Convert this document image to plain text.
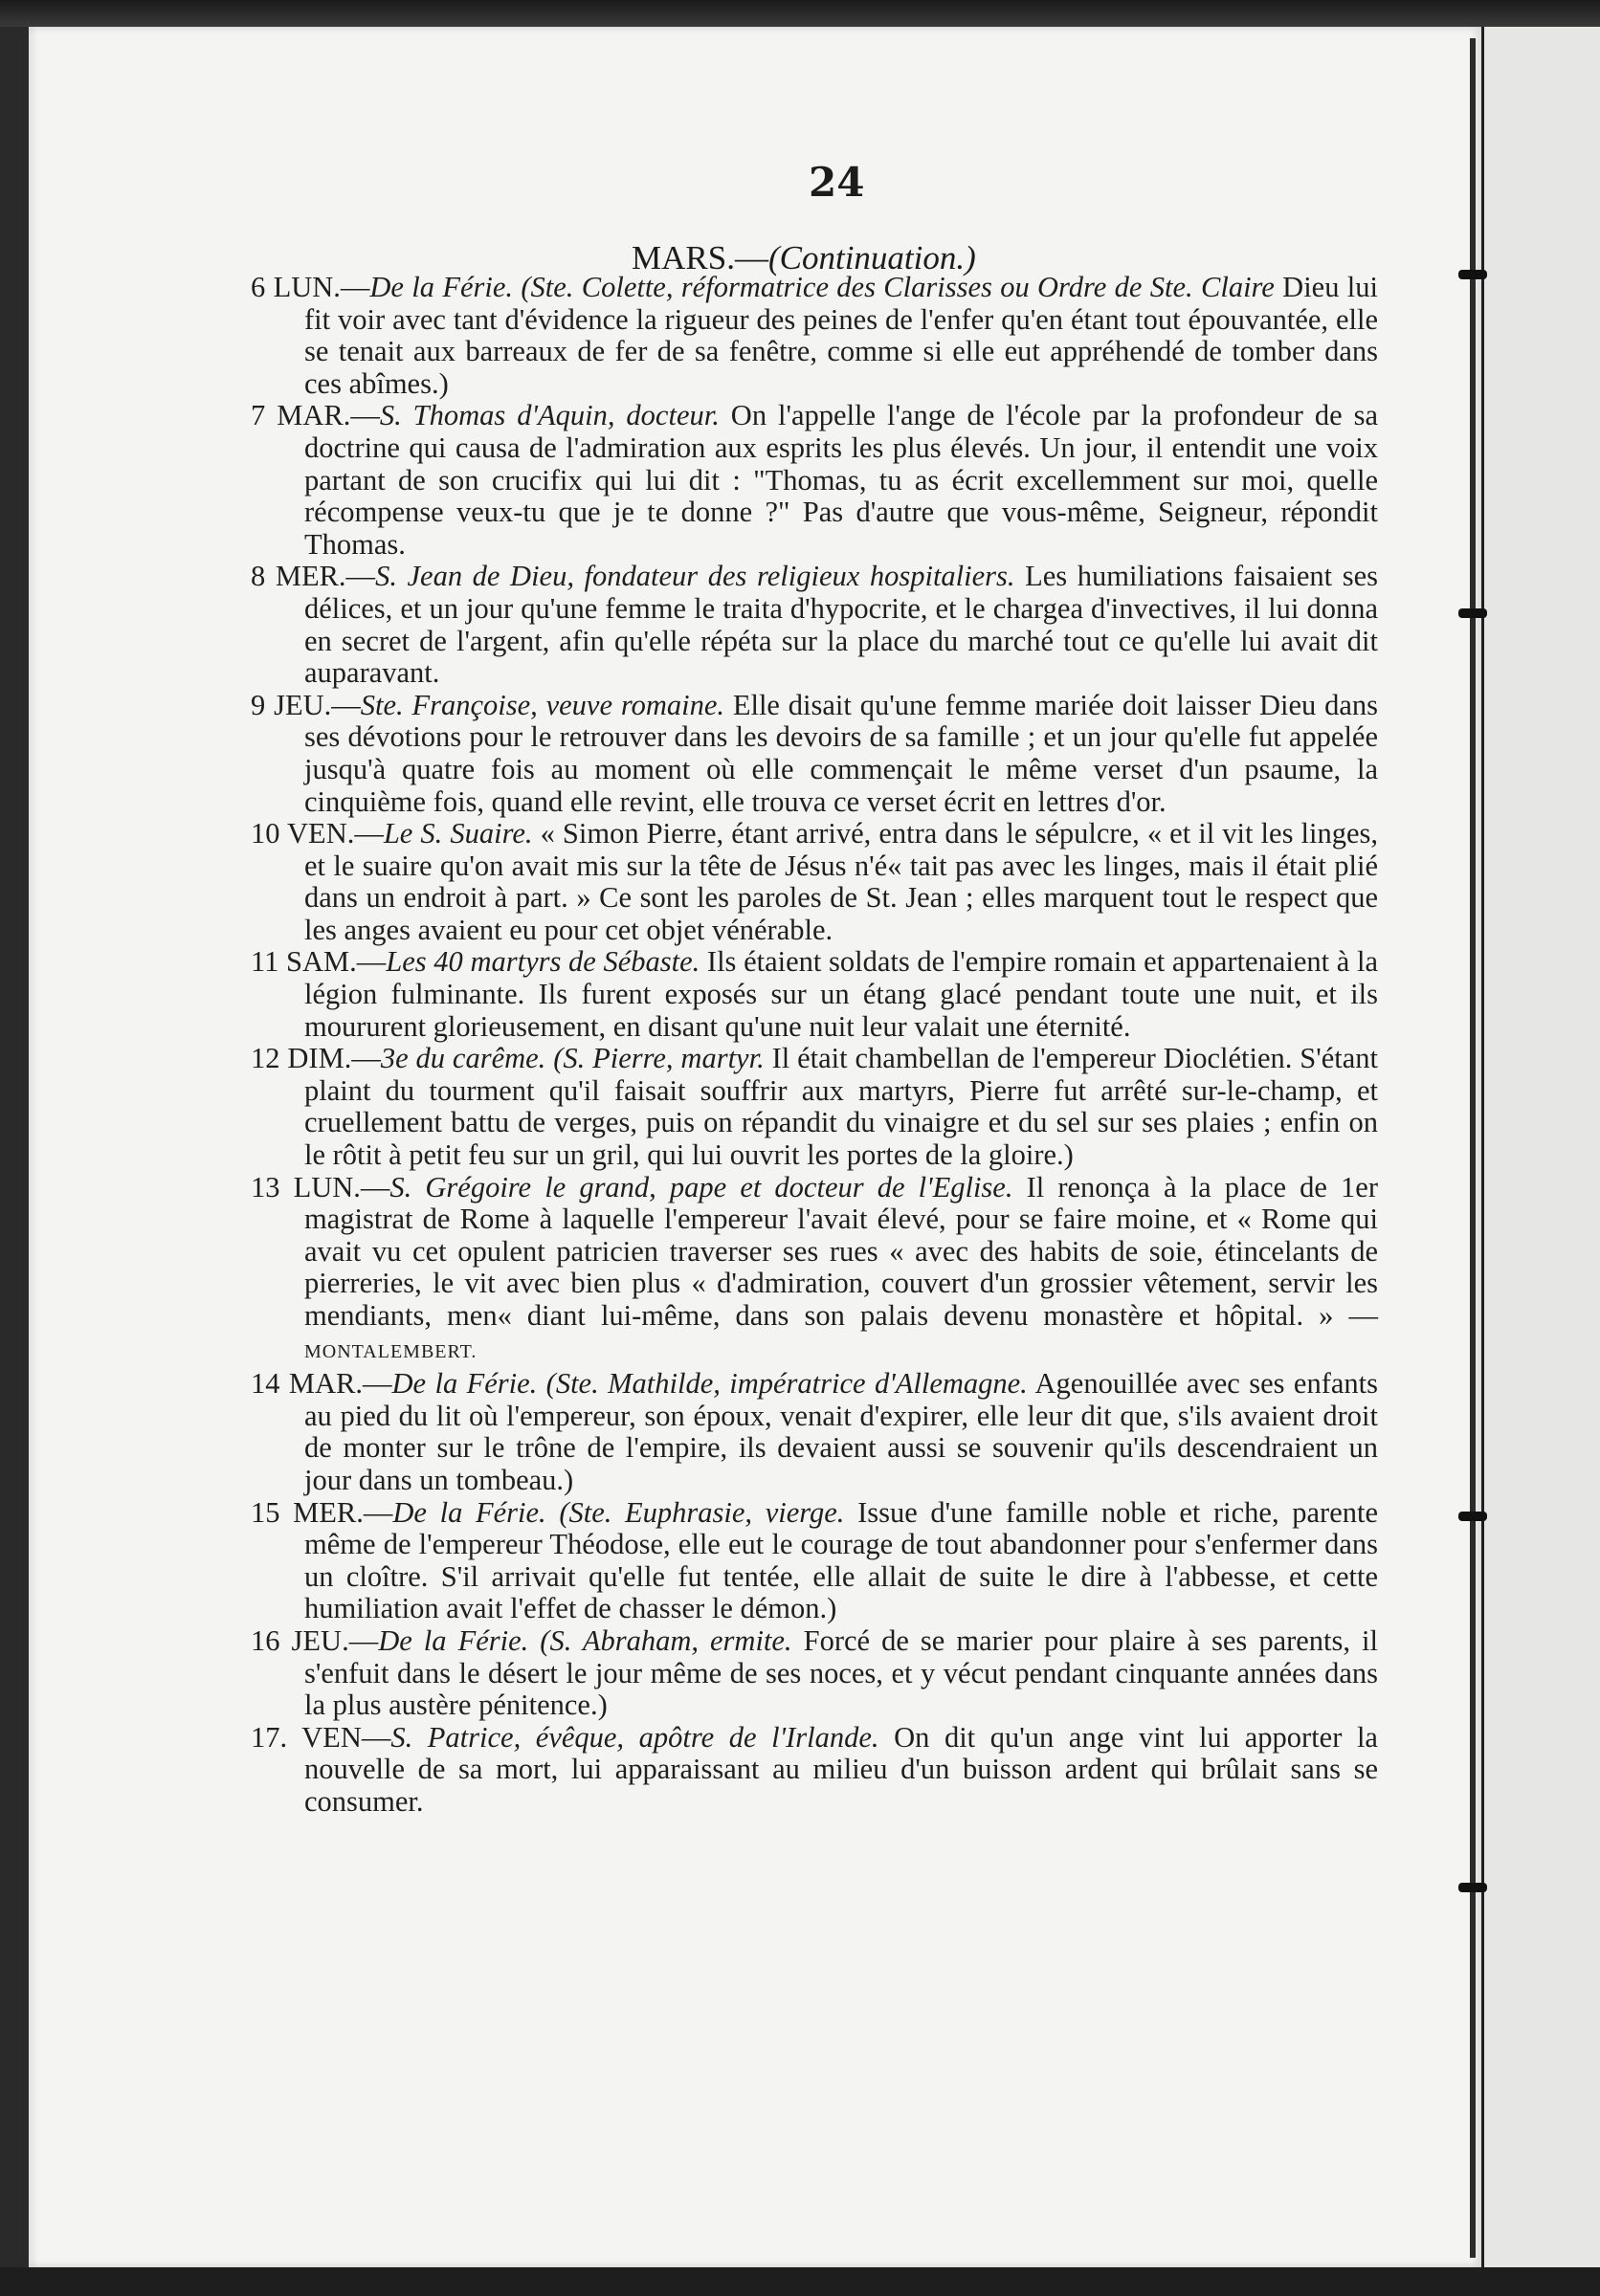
24
MARS.—(Continuation.)
6 LUN.—De la Férie. (Ste. Colette, réformatrice des Clarisses ou Ordre de Ste. Claire Dieu lui fit voir avec tant d'évidence la rigueur des peines de l'enfer qu'en étant tout épouvantée, elle se tenait aux barreaux de fer de sa fenêtre, comme si elle eut appréhendé de tomber dans ces abîmes.)
7 MAR.—S. Thomas d'Aquin, docteur. On l'appelle l'ange de l'école par la profondeur de sa doctrine qui causa de l'admiration aux esprits les plus élevés. Un jour, il entendit une voix partant de son crucifix qui lui dit : "Thomas, tu as écrit excellemment sur moi, quelle récompense veux-tu que je te donne ?" Pas d'autre que vous-même, Seigneur, répondit Thomas.
8 MER.—S. Jean de Dieu, fondateur des religieux hospitaliers. Les humiliations faisaient ses délices, et un jour qu'une femme le traita d'hypocrite, et le chargea d'invectives, il lui donna en secret de l'argent, afin qu'elle répéta sur la place du marché tout ce qu'elle lui avait dit auparavant.
9 JEU.—Ste. Françoise, veuve romaine. Elle disait qu'une femme mariée doit laisser Dieu dans ses dévotions pour le retrouver dans les devoirs de sa famille ; et un jour qu'elle fut appelée jusqu'à quatre fois au moment où elle commençait le même verset d'un psaume, la cinquième fois, quand elle revint, elle trouva ce verset écrit en lettres d'or.
10 VEN.—Le S. Suaire. « Simon Pierre, étant arrivé, entra dans le sépulcre, « et il vit les linges, et le suaire qu'on avait mis sur la tête de Jésus n'é« tait pas avec les linges, mais il était plié dans un endroit à part. » Ce sont les paroles de St. Jean ; elles marquent tout le respect que les anges avaient eu pour cet objet vénérable.
11 SAM.—Les 40 martyrs de Sébaste. Ils étaient soldats de l'empire romain et appartenaient à la légion fulminante. Ils furent exposés sur un étang glacé pendant toute une nuit, et ils moururent glorieusement, en disant qu'une nuit leur valait une éternité.
12 DIM.—3e du carême. (S. Pierre, martyr. Il était chambellan de l'empereur Dioclétien. S'étant plaint du tourment qu'il faisait souffrir aux martyrs, Pierre fut arrêté sur-le-champ, et cruellement battu de verges, puis on répandit du vinaigre et du sel sur ses plaies ; enfin on le rôtit à petit feu sur un gril, qui lui ouvrit les portes de la gloire.)
13 LUN.—S. Grégoire le grand, pape et docteur de l'Eglise. Il renonça à la place de 1er magistrat de Rome à laquelle l'empereur l'avait élevé, pour se faire moine, et « Rome qui avait vu cet opulent patricien traverser ses rues « avec des habits de soie, étincelants de pierreries, le vit avec bien plus « d'admiration, couvert d'un grossier vêtement, servir les mendiants, men« diant lui-même, dans son palais devenu monastère et hôpital. » —MONTALEMBERT.
14 MAR.—De la Férie. (Ste. Mathilde, impératrice d'Allemagne. Agenouillée avec ses enfants au pied du lit où l'empereur, son époux, venait d'expirer, elle leur dit que, s'ils avaient droit de monter sur le trône de l'empire, ils devaient aussi se souvenir qu'ils descendraient un jour dans un tombeau.)
15 MER.—De la Férie. (Ste. Euphrasie, vierge. Issue d'une famille noble et riche, parente même de l'empereur Théodose, elle eut le courage de tout abandonner pour s'enfermer dans un cloître. S'il arrivait qu'elle fut tentée, elle allait de suite le dire à l'abbesse, et cette humiliation avait l'effet de chasser le démon.)
16 JEU.—De la Férie. (S. Abraham, ermite. Forcé de se marier pour plaire à ses parents, il s'enfuit dans le désert le jour même de ses noces, et y vécut pendant cinquante années dans la plus austère pénitence.)
17. VEN—S. Patrice, évêque, apôtre de l'Irlande. On dit qu'un ange vint lui apporter la nouvelle de sa mort, lui apparaissant au milieu d'un buisson ardent qui brûlait sans se consumer.
